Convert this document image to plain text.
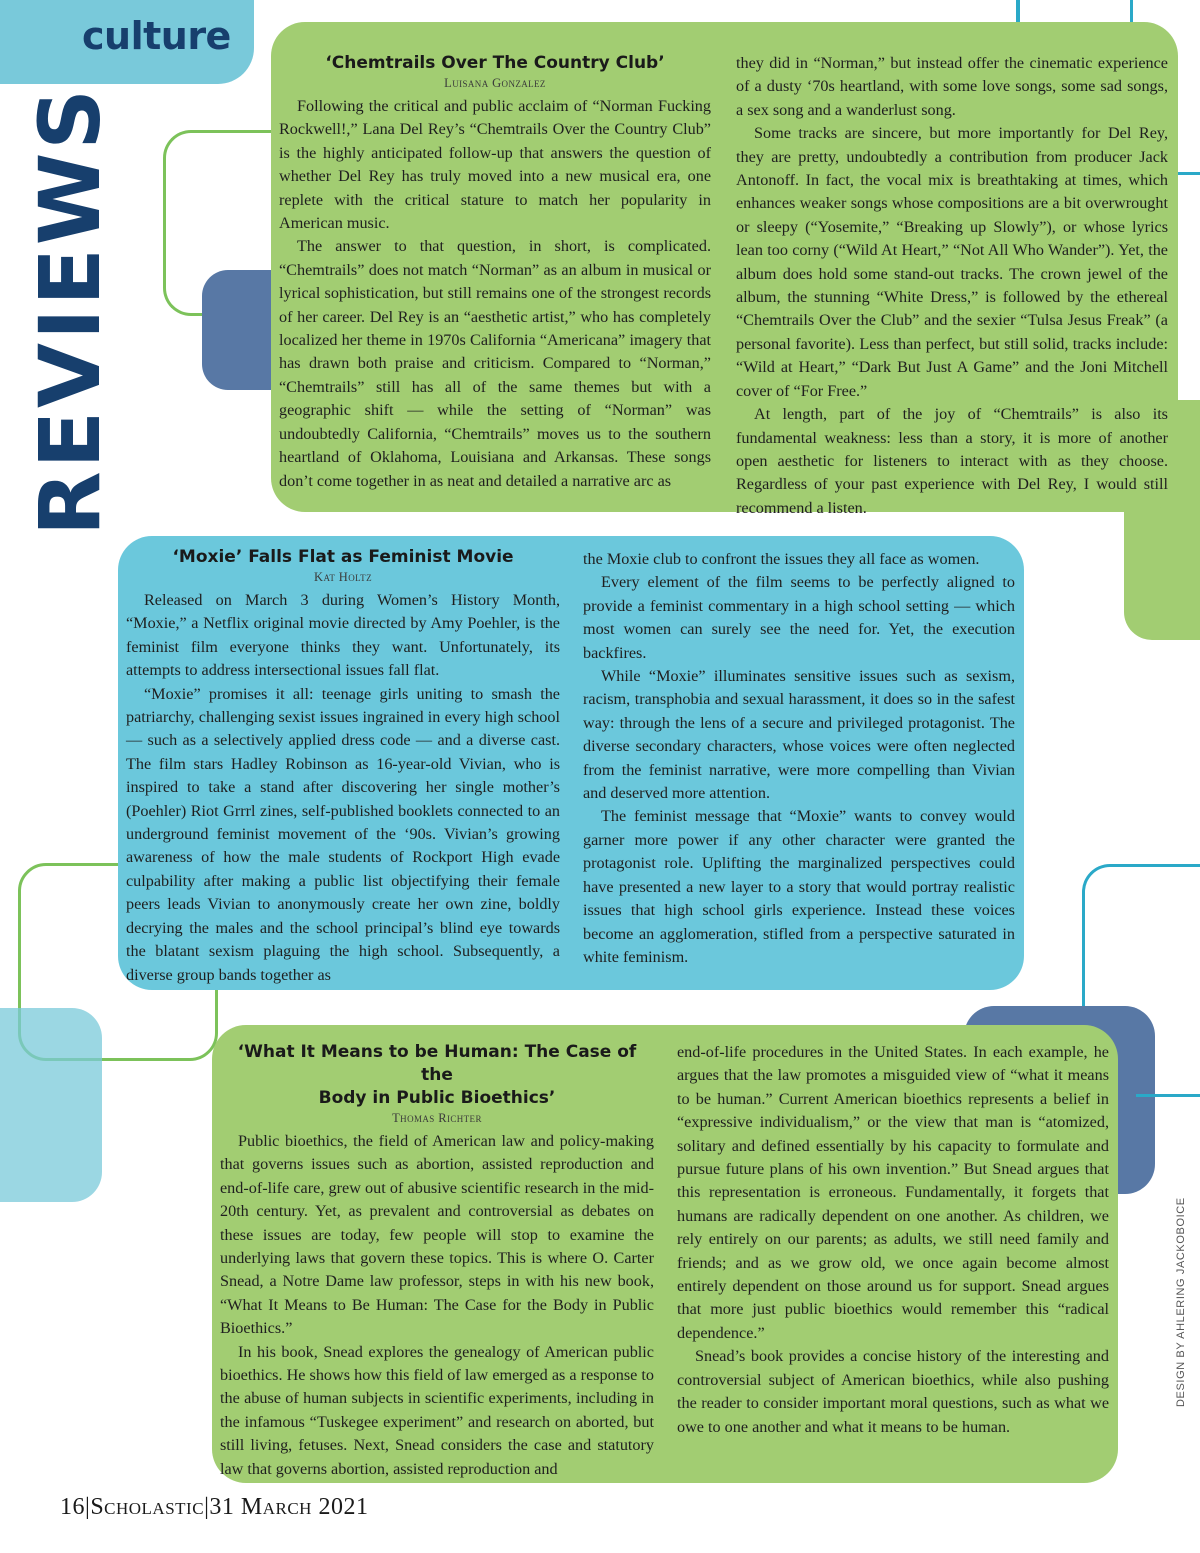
culture
REVIEWS
‘Chemtrails Over The Country Club’
Luisana Gonzalez

Following the critical and public acclaim of “Norman Fucking Rockwell!,” Lana Del Rey’s “Chemtrails Over the Country Club” is the highly anticipated follow-up that answers the question of whether Del Rey has truly moved into a new musical era, one replete with the critical stature to match her popularity in American music.

The answer to that question, in short, is complicated. “Chemtrails” does not match “Norman” as an album in musical or lyrical sophistication, but still remains one of the strongest records of her career. Del Rey is an “aesthetic artist,” who has completely localized her theme in 1970s California “Americana” imagery that has drawn both praise and criticism. Compared to “Norman,” “Chemtrails” still has all of the same themes but with a geographic shift — while the setting of “Norman” was undoubtedly California, “Chemtrails” moves us to the southern heartland of Oklahoma, Louisiana and Arkansas. These songs don’t come together in as neat and detailed a narrative arc as

they did in “Norman,” but instead offer the cinematic experience of a dusty ‘70s heartland, with some love songs, some sad songs, a sex song and a wanderlust song.

Some tracks are sincere, but more importantly for Del Rey, they are pretty, undoubtedly a contribution from producer Jack Antonoff. In fact, the vocal mix is breathtaking at times, which enhances weaker songs whose compositions are a bit overwrought or sleepy (“Yosemite,” “Breaking up Slowly”), or whose lyrics lean too corny (“Wild At Heart,” “Not All Who Wander”). Yet, the album does hold some stand-out tracks. The crown jewel of the album, the stunning “White Dress,” is followed by the ethereal “Chemtrails Over the Club” and the sexier “Tulsa Jesus Freak” (a personal favorite). Less than perfect, but still solid, tracks include: “Wild at Heart,” “Dark But Just A Game” and the Joni Mitchell cover of “For Free.”

At length, part of the joy of “Chemtrails” is also its fundamental weakness: less than a story, it is more of another open aesthetic for listeners to interact with as they choose. Regardless of your past experience with Del Rey, I would still recommend a listen.

‘Moxie’ Falls Flat as Feminist Movie
Kat Holtz

Released on March 3 during Women’s History Month, “Moxie,” a Netflix original movie directed by Amy Poehler, is the feminist film everyone thinks they want. Unfortunately, its attempts to address intersectional issues fall flat.

“Moxie” promises it all: teenage girls uniting to smash the patriarchy, challenging sexist issues ingrained in every high school — such as a selectively applied dress code — and a diverse cast. The film stars Hadley Robinson as 16-year-old Vivian, who is inspired to take a stand after discovering her single mother’s (Poehler) Riot Grrrl zines, self-published booklets connected to an underground feminist movement of the ‘90s. Vivian’s growing awareness of how the male students of Rockport High evade culpability after making a public list objectifying their female peers leads Vivian to anonymously create her own zine, boldly decrying the males and the school principal’s blind eye towards the blatant sexism plaguing the high school. Subsequently, a diverse group bands together as

the Moxie club to confront the issues they all face as women.

Every element of the film seems to be perfectly aligned to provide a feminist commentary in a high school setting — which most women can surely see the need for. Yet, the execution backfires.

While “Moxie” illuminates sensitive issues such as sexism, racism, transphobia and sexual harassment, it does so in the safest way: through the lens of a secure and privileged protagonist. The diverse secondary characters, whose voices were often neglected from the feminist narrative, were more compelling than Vivian and deserved more attention.

The feminist message that “Moxie” wants to convey would garner more power if any other character were granted the protagonist role. Uplifting the marginalized perspectives could have presented a new layer to a story that would portray realistic issues that high school girls experience. Instead these voices become an agglomeration, stifled from a perspective saturated in white feminism.

‘What It Means to be Human: The Case of the
Body in Public Bioethics’
Thomas Richter

Public bioethics, the field of American law and policy-making that governs issues such as abortion, assisted reproduction and end-of-life care, grew out of abusive scientific research in the mid-20th century. Yet, as prevalent and controversial as debates on these issues are today, few people will stop to examine the underlying laws that govern these topics. This is where O. Carter Snead, a Notre Dame law professor, steps in with his new book, “What It Means to Be Human: The Case for the Body in Public Bioethics.”

In his book, Snead explores the genealogy of American public bioethics. He shows how this field of law emerged as a response to the abuse of human subjects in scientific experiments, including in the infamous “Tuskegee experiment” and research on aborted, but still living, fetuses. Next, Snead considers the case and statutory law that governs abortion, assisted reproduction and

end-of-life procedures in the United States. In each example, he argues that the law promotes a misguided view of “what it means to be human.” Current American bioethics represents a belief in “expressive individualism,” or the view that man is “atomized, solitary and defined essentially by his capacity to formulate and pursue future plans of his own invention.” But Snead argues that this representation is erroneous. Fundamentally, it forgets that humans are radically dependent on one another. As children, we rely entirely on our parents; as adults, we still need family and friends; and as we grow old, we once again become almost entirely dependent on those around us for support. Snead argues that more just public bioethics would remember this “radical dependence.”

Snead’s book provides a concise history of the interesting and controversial subject of American bioethics, while also pushing the reader to consider important moral questions, such as what we owe to one another and what it means to be human.

16|Scholastic|31 March 2021
DESIGN BY AHLERING JACKOBOICE
